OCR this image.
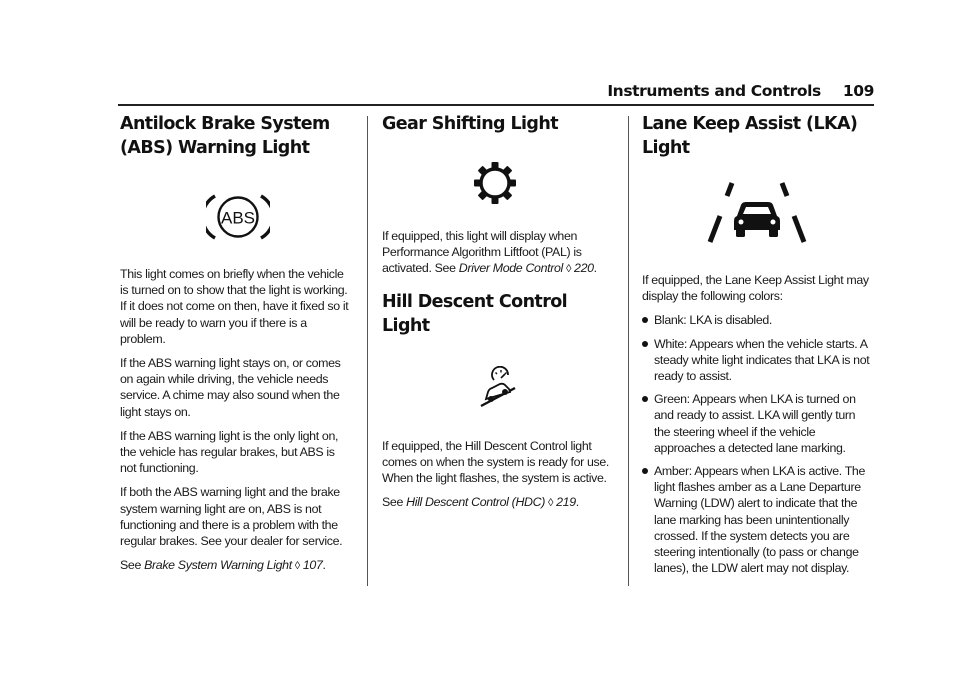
Instruments and Controls 109
Antilock Brake System (ABS) Warning Light
ABS

This light comes on briefly when the vehicle is turned on to show that the light is working. If it does not come on then, have it fixed so it will be ready to warn you if there is a problem.

If the ABS warning light stays on, or comes on again while driving, the vehicle needs service. A chime may also sound when the light stays on.

If the ABS warning light is the only light on, the vehicle has regular brakes, but ABS is not functioning.

If both the ABS warning light and the brake system warning light are on, ABS is not functioning and there is a problem with the regular brakes. See your dealer for service.

See Brake System Warning Light ◊ 107.

Gear Shifting Light

If equipped, this light will display when Performance Algorithm Liftfoot (PAL) is activated. See Driver Mode Control ◊ 220.

Hill Descent Control Light

If equipped, the Hill Descent Control light comes on when the system is ready for use. When the light flashes, the system is active.

See Hill Descent Control (HDC) ◊ 219.

Lane Keep Assist (LKA) Light

If equipped, the Lane Keep Assist Light may display the following colors:

Blank: LKA is disabled.
White: Appears when the vehicle starts. A steady white light indicates that LKA is not ready to assist.
Green: Appears when LKA is turned on and ready to assist. LKA will gently turn the steering wheel if the vehicle approaches a detected lane marking.
Amber: Appears when LKA is active. The light flashes amber as a Lane Departure Warning (LDW) alert to indicate that the lane marking has been unintentionally crossed. If the system detects you are steering intentionally (to pass or change lanes), the LDW alert may not display.
